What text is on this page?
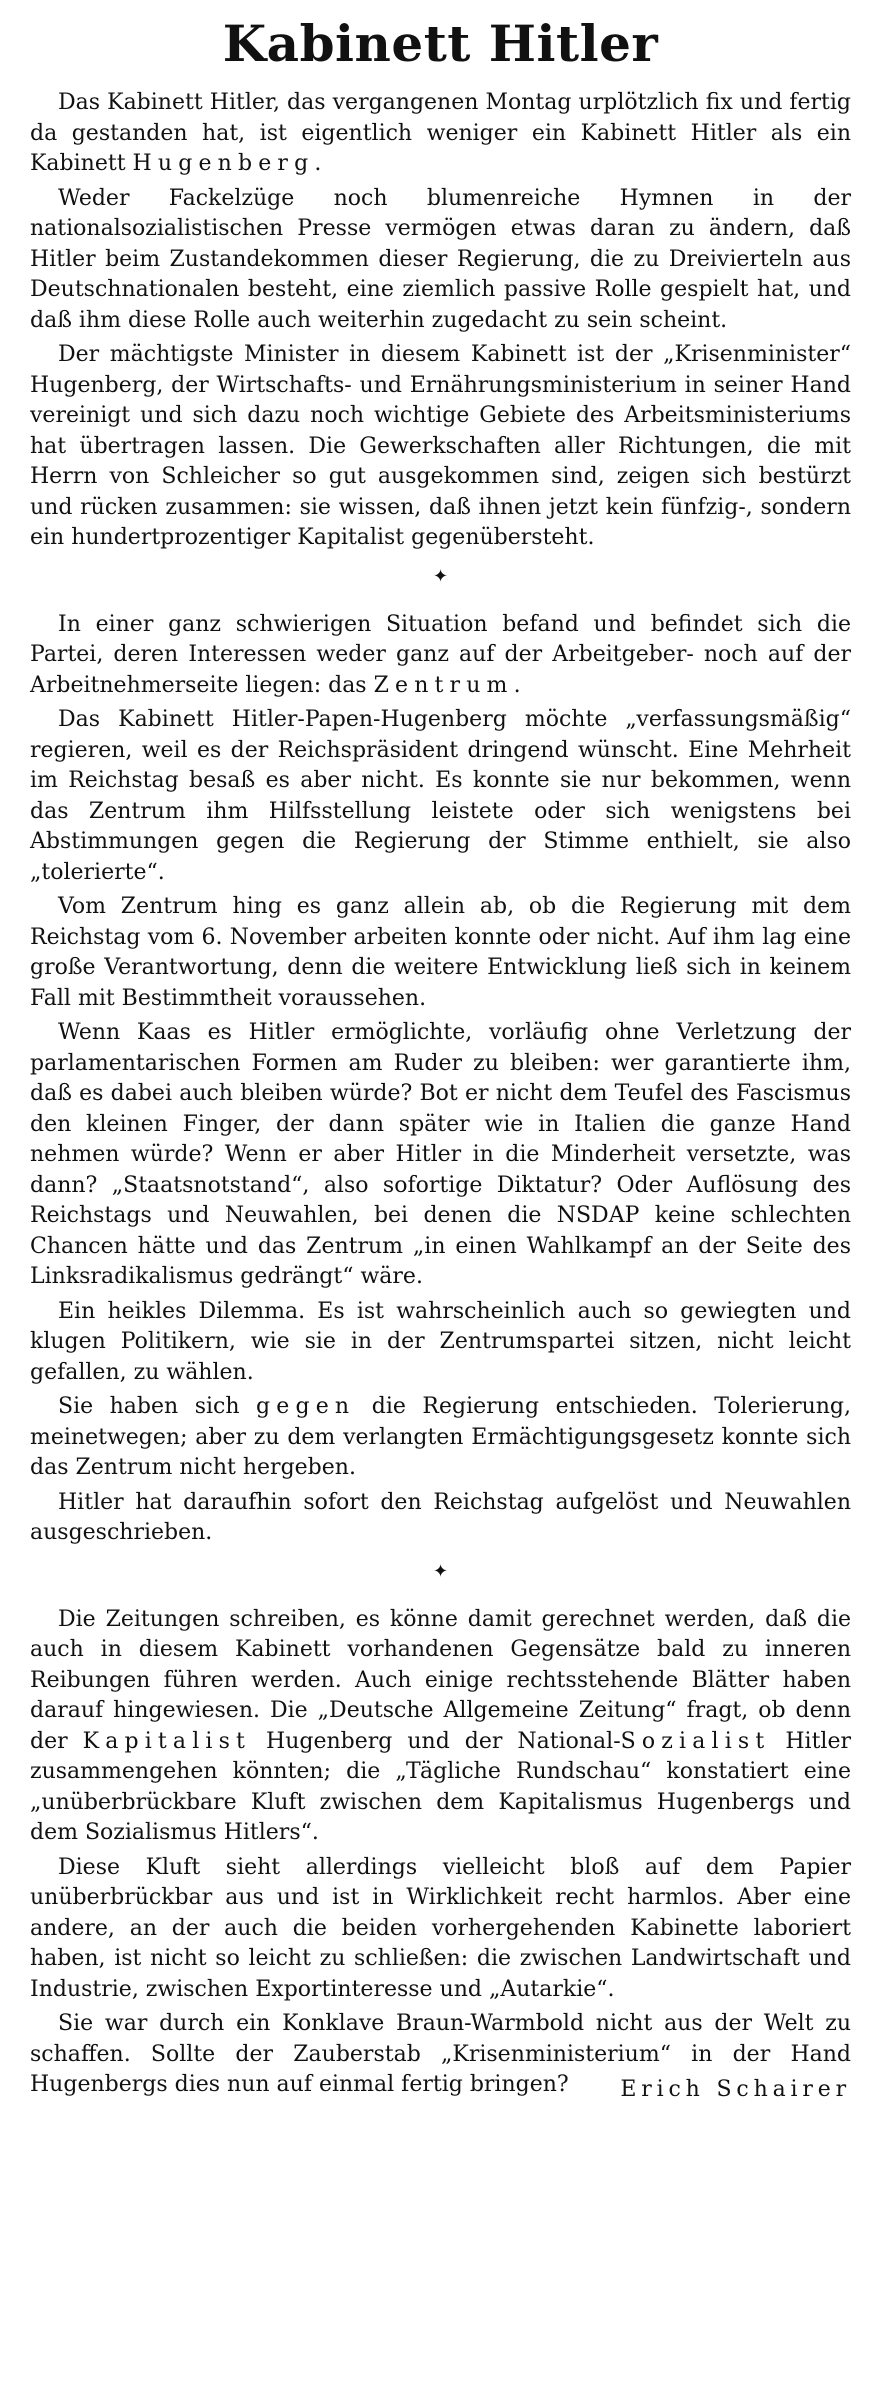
Kabinett Hitler

Das Kabinett Hitler, das vergangenen Montag urplötzlich fix und fertig da gestanden hat, ist eigentlich weniger ein Kabinett Hitler als ein Kabinett Hugenberg.

Weder Fackelzüge noch blumenreiche Hymnen in der nationalsozialistischen Presse vermögen etwas daran zu ändern, daß Hitler beim Zustandekommen dieser Regierung, die zu Dreivierteln aus Deutschnationalen besteht, eine ziemlich passive Rolle gespielt hat, und daß ihm diese Rolle auch weiterhin zugedacht zu sein scheint.

Der mächtigste Minister in diesem Kabinett ist der „Krisenminister“ Hugenberg, der Wirtschafts- und Ernährungsministerium in seiner Hand vereinigt und sich dazu noch wichtige Gebiete des Arbeitsministeriums hat übertragen lassen. Die Gewerkschaften aller Richtungen, die mit Herrn von Schleicher so gut ausgekommen sind, zeigen sich bestürzt und rücken zusammen: sie wissen, daß ihnen jetzt kein fünfzig-, sondern ein hundertprozentiger Kapitalist gegenübersteht.

✦

In einer ganz schwierigen Situation befand und befindet sich die Partei, deren Interessen weder ganz auf der Arbeitgeber- noch auf der Arbeitnehmerseite liegen: das Zentrum.

Das Kabinett Hitler-Papen-Hugenberg möchte „verfassungsmäßig“ regieren, weil es der Reichspräsident dringend wünscht. Eine Mehrheit im Reichstag besaß es aber nicht. Es konnte sie nur bekommen, wenn das Zentrum ihm Hilfsstellung leistete oder sich wenigstens bei Abstimmungen gegen die Regierung der Stimme enthielt, sie also „tolerierte“.

Vom Zentrum hing es ganz allein ab, ob die Regierung mit dem Reichstag vom 6. November arbeiten konnte oder nicht. Auf ihm lag eine große Verantwortung, denn die weitere Entwicklung ließ sich in keinem Fall mit Bestimmtheit voraussehen.

Wenn Kaas es Hitler ermöglichte, vorläufig ohne Verletzung der parlamentarischen Formen am Ruder zu bleiben: wer garantierte ihm, daß es dabei auch bleiben würde? Bot er nicht dem Teufel des Fascismus den kleinen Finger, der dann später wie in Italien die ganze Hand nehmen würde? Wenn er aber Hitler in die Minderheit versetzte, was dann? „Staatsnotstand“, also sofortige Diktatur? Oder Auflösung des Reichstags und Neuwahlen, bei denen die NSDAP keine schlechten Chancen hätte und das Zentrum „in einen Wahlkampf an der Seite des Linksradikalismus gedrängt“ wäre.

Ein heikles Dilemma. Es ist wahrscheinlich auch so gewiegten und klugen Politikern, wie sie in der Zentrumspartei sitzen, nicht leicht gefallen, zu wählen.

Sie haben sich gegen die Regierung entschieden. Tolerierung, meinetwegen; aber zu dem verlangten Ermächtigungsgesetz konnte sich das Zentrum nicht hergeben.

Hitler hat daraufhin sofort den Reichstag aufgelöst und Neuwahlen ausgeschrieben.

✦

Die Zeitungen schreiben, es könne damit gerechnet werden, daß die auch in diesem Kabinett vorhandenen Gegensätze bald zu inneren Reibungen führen werden. Auch einige rechtsstehende Blätter haben darauf hingewiesen. Die „Deutsche Allgemeine Zeitung“ fragt, ob denn der Kapitalist Hugenberg und der National-Sozialist Hitler zusammengehen könnten; die „Tägliche Rundschau“ konstatiert eine „unüberbrückbare Kluft zwischen dem Kapitalismus Hugenbergs und dem Sozialismus Hitlers“.

Diese Kluft sieht allerdings vielleicht bloß auf dem Papier unüberbrückbar aus und ist in Wirklichkeit recht harmlos. Aber eine andere, an der auch die beiden vorhergehenden Kabinette laboriert haben, ist nicht so leicht zu schließen: die zwischen Landwirtschaft und Industrie, zwischen Exportinteresse und „Autarkie“.

Sie war durch ein Konklave Braun-Warmbold nicht aus der Welt zu schaffen. Sollte der Zauberstab „Krisenministerium“ in der Hand Hugenbergs dies nun auf einmal fertig bringen?	Erich Schairer
